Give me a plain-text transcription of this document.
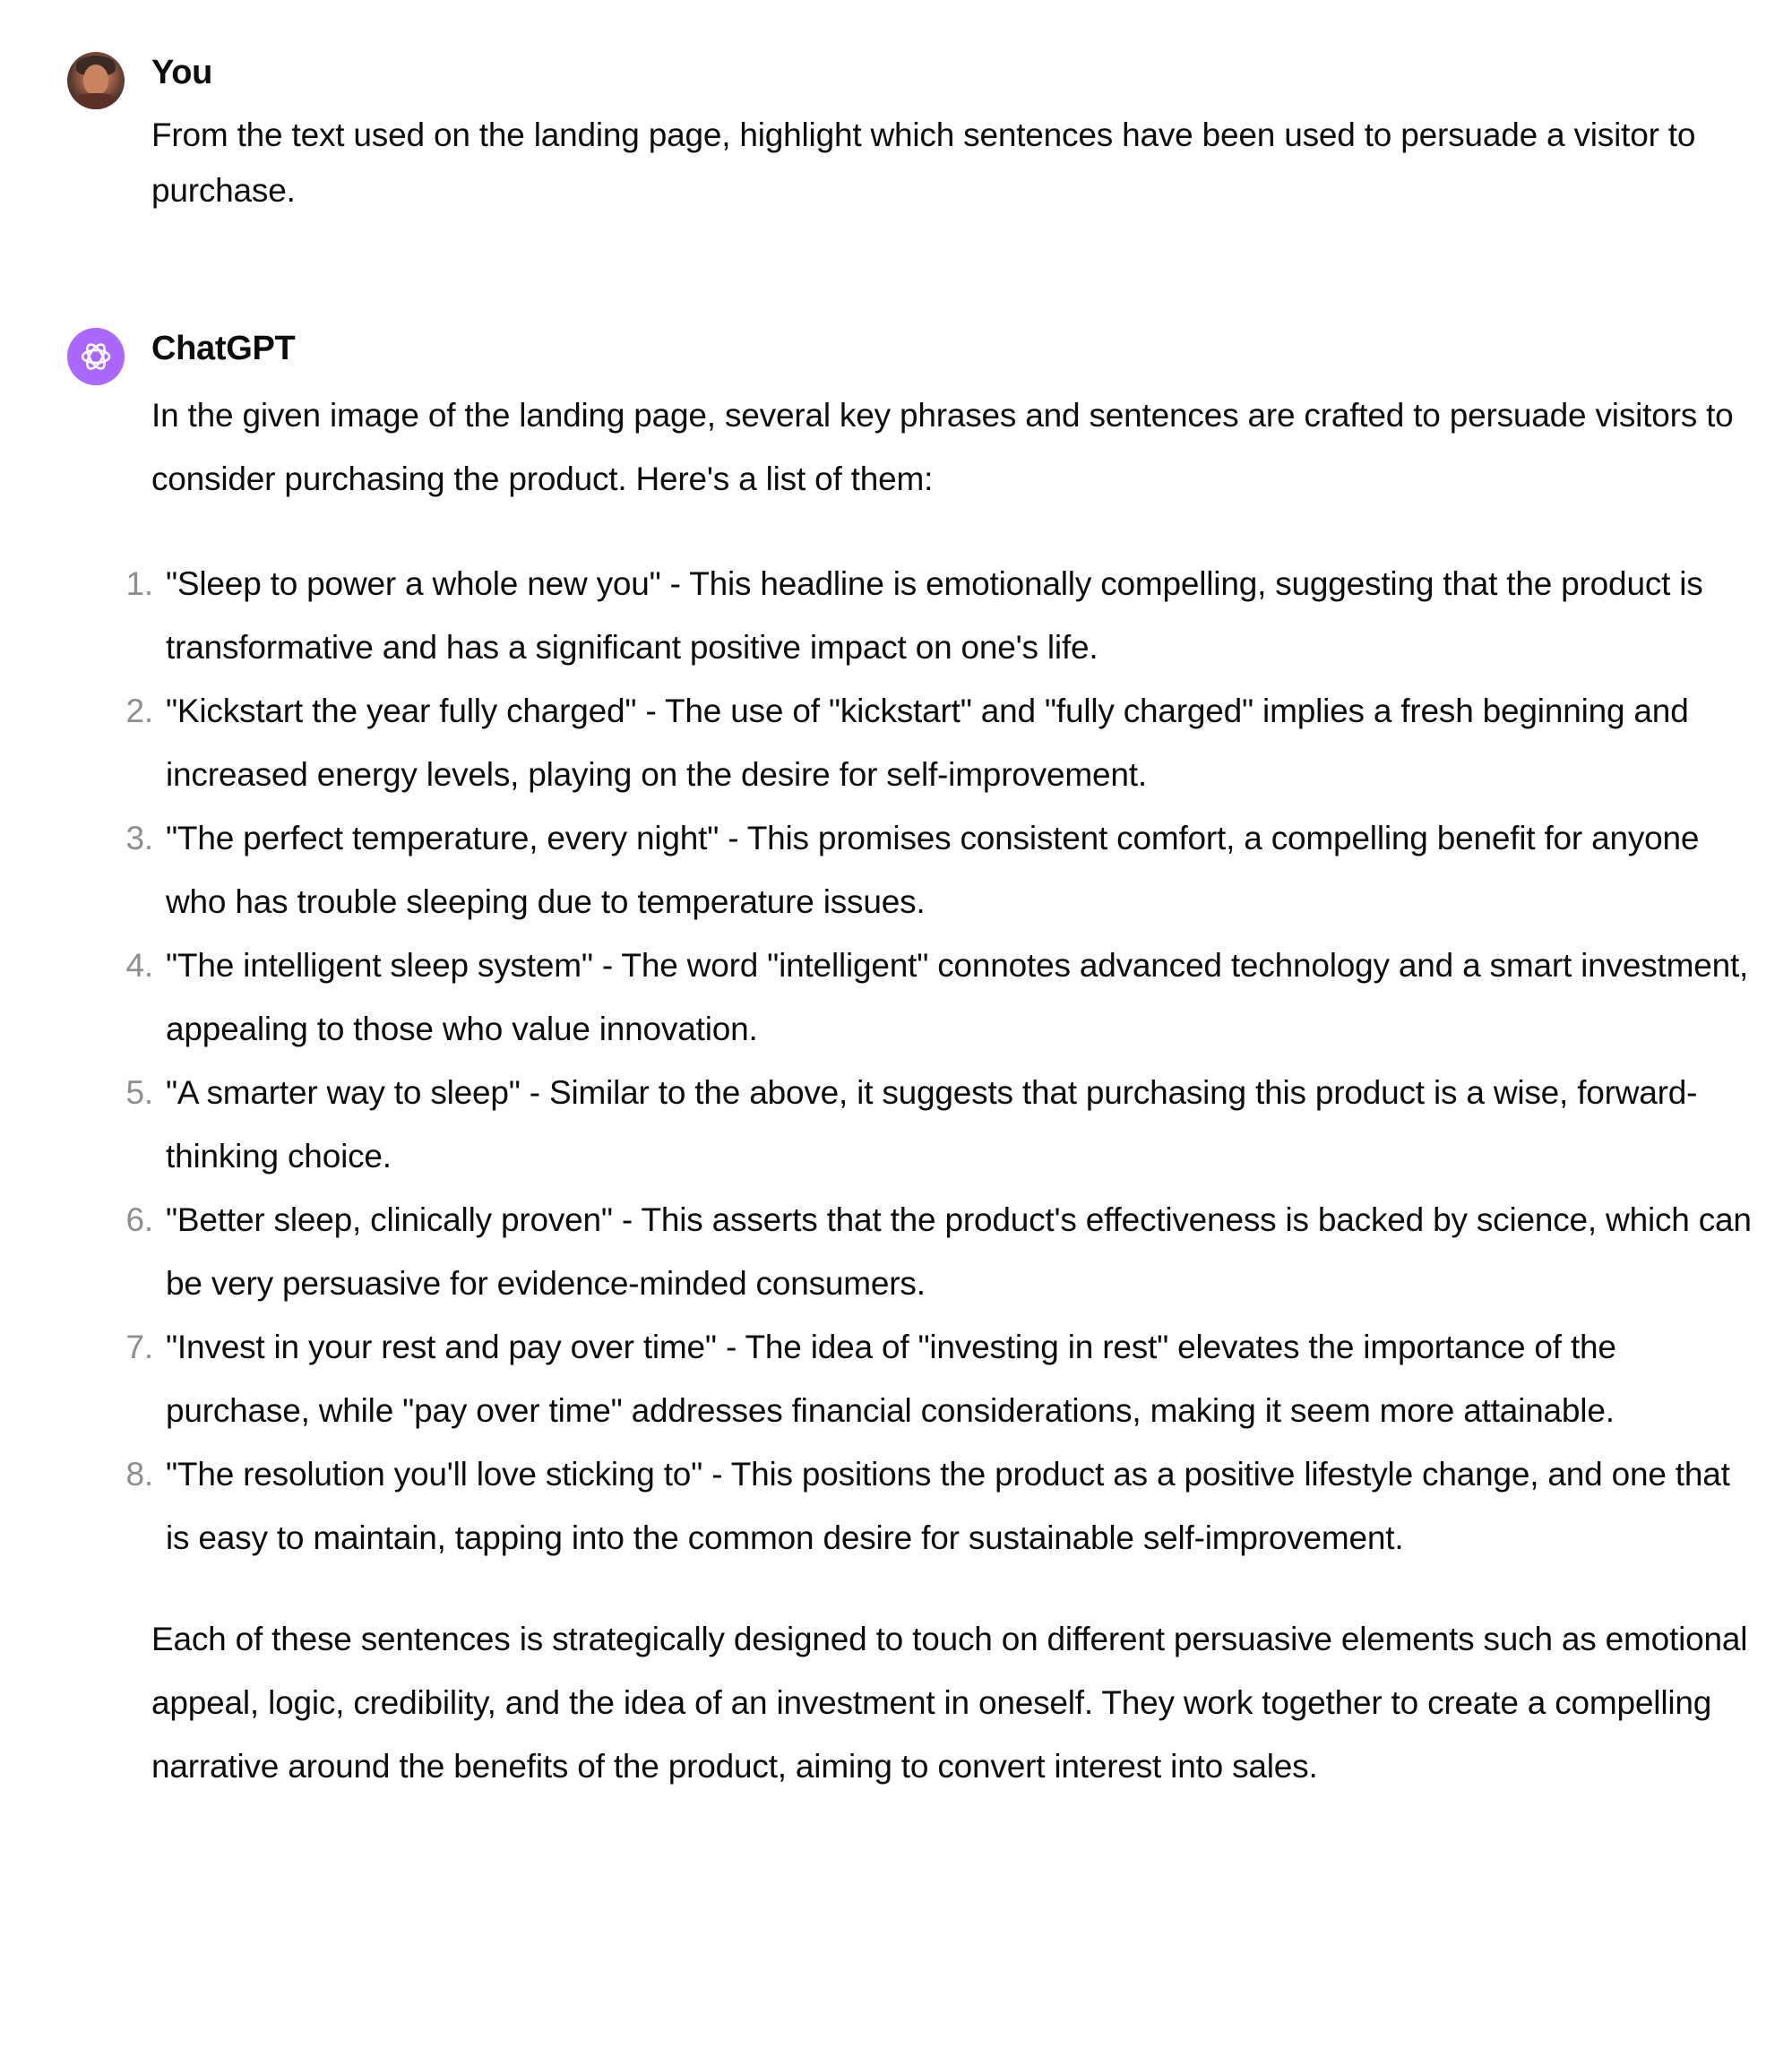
You

From the text used on the landing page, highlight which sentences have been used to persuade a visitor to purchase.

ChatGPT

In the given image of the landing page, several key phrases and sentences are crafted to persuade visitors to consider purchasing the product. Here's a list of them:

1. "Sleep to power a whole new you" - This headline is emotionally compelling, suggesting that the product is transformative and has a significant positive impact on one's life.
2. "Kickstart the year fully charged" - The use of "kickstart" and "fully charged" implies a fresh beginning and increased energy levels, playing on the desire for self-improvement.
3. "The perfect temperature, every night" - This promises consistent comfort, a compelling benefit for anyone who has trouble sleeping due to temperature issues.
4. "The intelligent sleep system" - The word "intelligent" connotes advanced technology and a smart investment, appealing to those who value innovation.
5. "A smarter way to sleep" - Similar to the above, it suggests that purchasing this product is a wise, forward-thinking choice.
6. "Better sleep, clinically proven" - This asserts that the product's effectiveness is backed by science, which can be very persuasive for evidence-minded consumers.
7. "Invest in your rest and pay over time" - The idea of "investing in rest" elevates the importance of the purchase, while "pay over time" addresses financial considerations, making it seem more attainable.
8. "The resolution you'll love sticking to" - This positions the product as a positive lifestyle change, and one that is easy to maintain, tapping into the common desire for sustainable self-improvement.

Each of these sentences is strategically designed to touch on different persuasive elements such as emotional appeal, logic, credibility, and the idea of an investment in oneself. They work together to create a compelling narrative around the benefits of the product, aiming to convert interest into sales.
